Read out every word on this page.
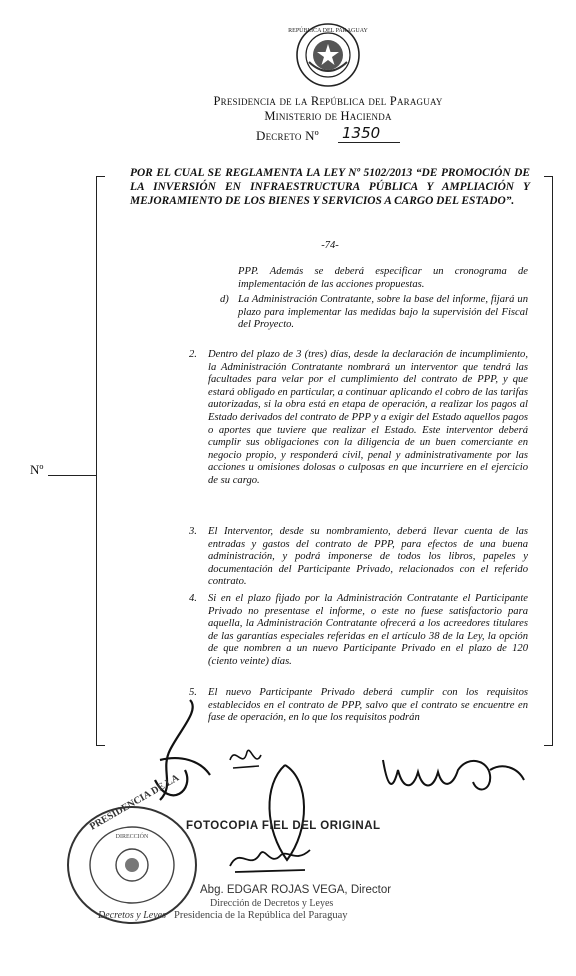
REPÚBLICA DEL PARAGUAY
Presidencia de la República del Paraguay
Ministerio de Hacienda
Decreto Nº 1350
Nº
POR EL CUAL SE REGLAMENTA LA LEY Nº 5102/2013 “DE PROMOCIÓN DE LA INVERSIÓN EN INFRAESTRUCTURA PÚBLICA Y AMPLIACIÓN Y MEJORAMIENTO DE LOS BIENES Y SERVICIOS A CARGO DEL ESTADO”.
-74-
PPP. Además se deberá especificar un cronograma de implementación de las acciones propuestas.
d) La Administración Contratante, sobre la base del informe, fijará un plazo para implementar las medidas bajo la supervisión del Fiscal del Proyecto.
2. Dentro del plazo de 3 (tres) días, desde la declaración de incumplimiento, la Administración Contratante nombrará un interventor que tendrá las facultades para velar por el cumplimiento del contrato de PPP, y que estará obligado en particular, a continuar aplicando el cobro de las tarifas autorizadas, si la obra está en etapa de operación, a realizar los pagos al Estado derivados del contrato de PPP y a exigir del Estado aquellos pagos o aportes que tuviere que realizar el Estado. Este interventor deberá cumplir sus obligaciones con la diligencia de un buen comerciante en negocio propio, y responderá civil, penal y administrativamente por las acciones u omisiones dolosas o culposas en que incurriere en el ejercicio de su cargo.
3. El Interventor, desde su nombramiento, deberá llevar cuenta de las entradas y gastos del contrato de PPP, para efectos de una buena administración, y podrá imponerse de todos los libros, papeles y documentación del Participante Privado, relacionados con el referido contrato.
4. Si en el plazo fijado por la Administración Contratante el Participante Privado no presentase el informe, o este no fuese satisfactorio para aquella, la Administración Contratante ofrecerá a los acreedores titulares de las garantías especiales referidas en el artículo 38 de la Ley, la opción de que nombren a un nuevo Participante Privado en el plazo de 120 (ciento veinte) días.
5. El nuevo Participante Privado deberá cumplir con los requisitos establecidos en el contrato de PPP, salvo que el contrato se encuentre en fase de operación, en lo que los requisitos podrán
PRESIDENCIA DE LA
DIRECCIÓN
Decretos y Leyes
FOTOCOPIA FIEL DEL ORIGINAL
Abg. EDGAR ROJAS VEGA, Director
Dirección de Decretos y Leyes
Presidencia de la República del Paraguay
